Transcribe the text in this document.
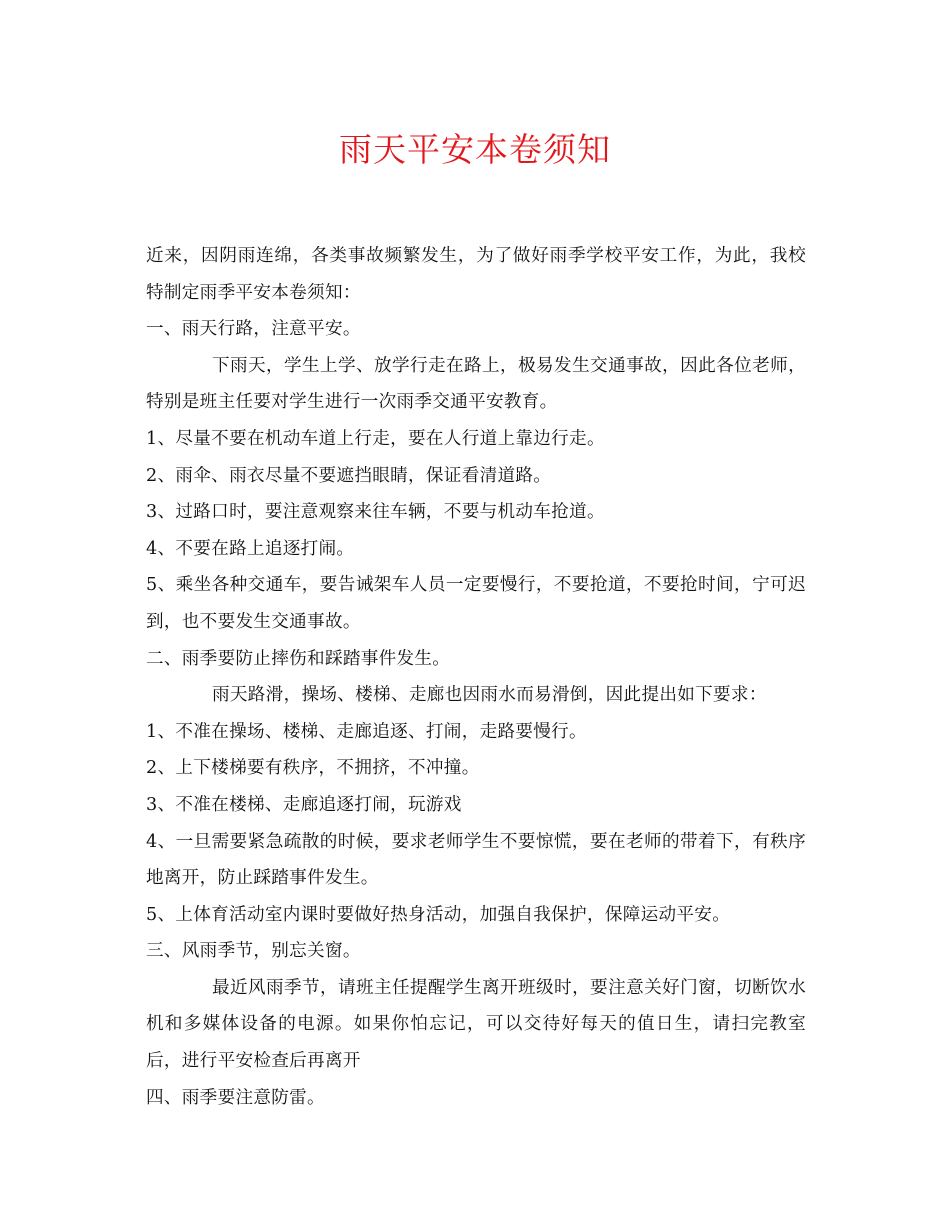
雨天平安本卷须知

近来，因阴雨连绵，各类事故频繁发生，为了做好雨季学校平安工作，为此，我校特制定雨季平安本卷须知：

一、雨天行路，注意平安。

下雨天，学生上学、放学行走在路上，极易发生交通事故，因此各位老师，特别是班主任要对学生进行一次雨季交通平安教育。

1、尽量不要在机动车道上行走，要在人行道上靠边行走。

2、雨伞、雨衣尽量不要遮挡眼睛，保证看清道路。

3、过路口时，要注意观察来往车辆，不要与机动车抢道。

4、不要在路上追逐打闹。

5、乘坐各种交通车，要告诫架车人员一定要慢行，不要抢道，不要抢时间，宁可迟到，也不要发生交通事故。

二、雨季要防止摔伤和踩踏事件发生。

雨天路滑，操场、楼梯、走廊也因雨水而易滑倒，因此提出如下要求：

1、不准在操场、楼梯、走廊追逐、打闹，走路要慢行。

2、上下楼梯要有秩序，不拥挤，不冲撞。

3、不准在楼梯、走廊追逐打闹，玩游戏

4、一旦需要紧急疏散的时候，要求老师学生不要惊慌，要在老师的带着下，有秩序地离开，防止踩踏事件发生。

5、上体育活动室内课时要做好热身活动，加强自我保护，保障运动平安。

三、风雨季节，别忘关窗。

最近风雨季节，请班主任提醒学生离开班级时，要注意关好门窗，切断饮水机和多媒体设备的电源。如果你怕忘记，可以交待好每天的值日生，请扫完教室后，进行平安检查后再离开

四、雨季要注意防雷。
